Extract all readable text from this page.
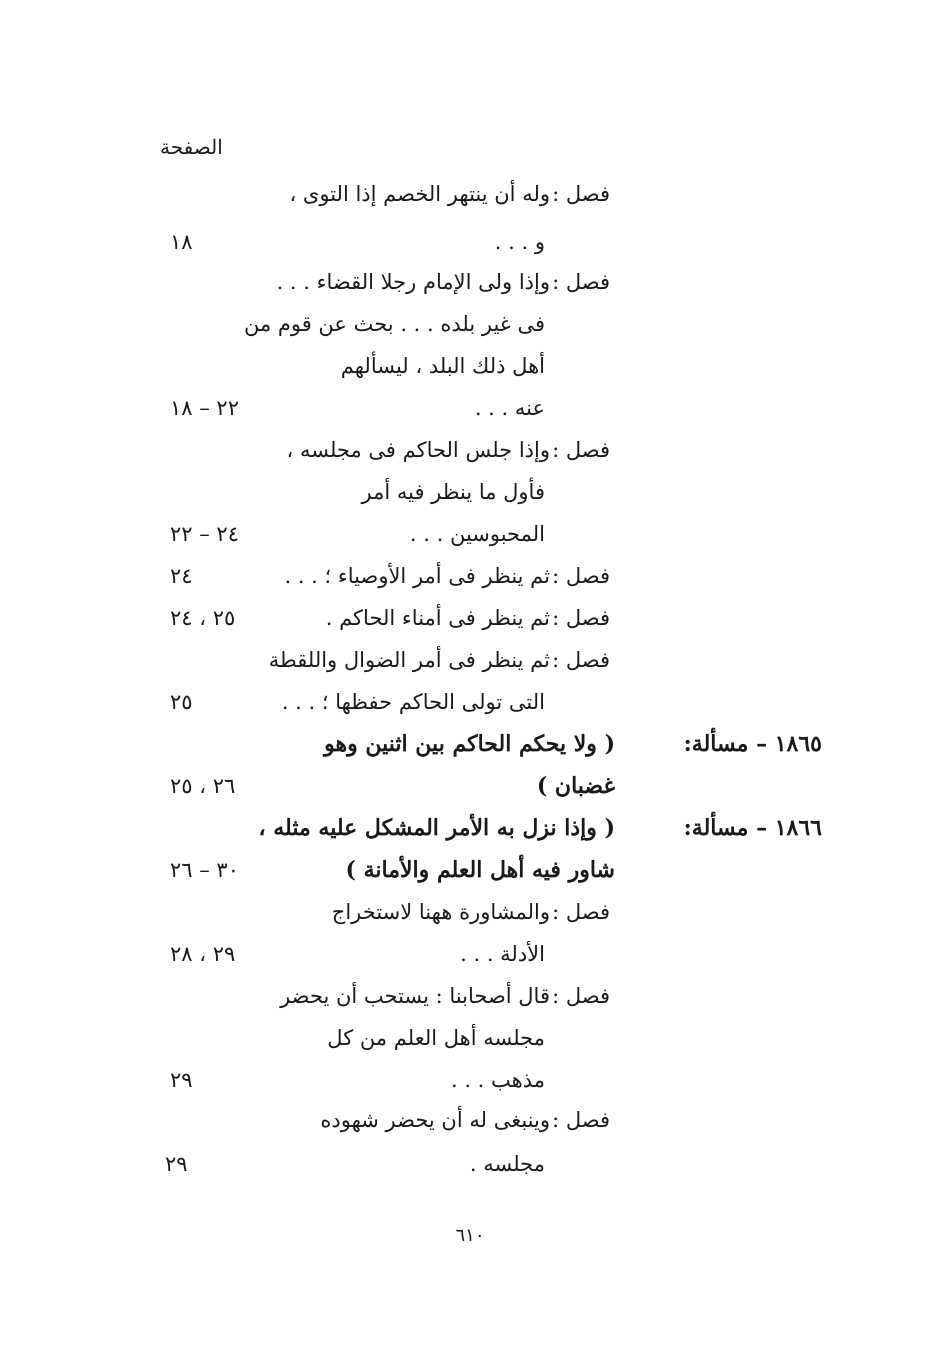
الصفحة
فصل :
وله أن ينتهر الخصم إذا التوى ،
و . . .
١٨
فصل :
وإذا ولى الإمام رجلا القضاء . . .
فى غير بلده . . . بحث عن قوم من
أهل ذلك البلد ، ليسألهم
عنه . . .
٢٢ – ١٨
فصل :
وإذا جلس الحاكم فى مجلسه ،
فأول ما ينظر فيه أمر
المحبوسين . . .
٢٤ – ٢٢
فصل :
ثم ينظر فى أمر الأوصياء ؛ . . .
٢٤
فصل :
ثم ينظر فى أمناء الحاكم .
٢٥ ، ٢٤
فصل :
ثم ينظر فى أمر الضوال واللقطة
التى تولى الحاكم حفظها ؛ . . .
٢٥
١٨٦٥ – مسألة:
( ولا يحكم الحاكم بين اثنين وهو
غضبان )
٢٦ ، ٢٥
١٨٦٦ – مسألة:
( وإذا نزل به الأمر المشكل عليه مثله ،
شاور فيه أهل العلم والأمانة )
٣٠ – ٢٦
فصل :
والمشاورة ههنا لاستخراج
الأدلة . . .
٢٩ ، ٢٨
فصل :
قال أصحابنا : يستحب أن يحضر
مجلسه أهل العلم من كل
مذهب . . .
٢٩
فصل :
وينبغى له أن يحضر شهوده
مجلسه .
٢٩
٦١٠
